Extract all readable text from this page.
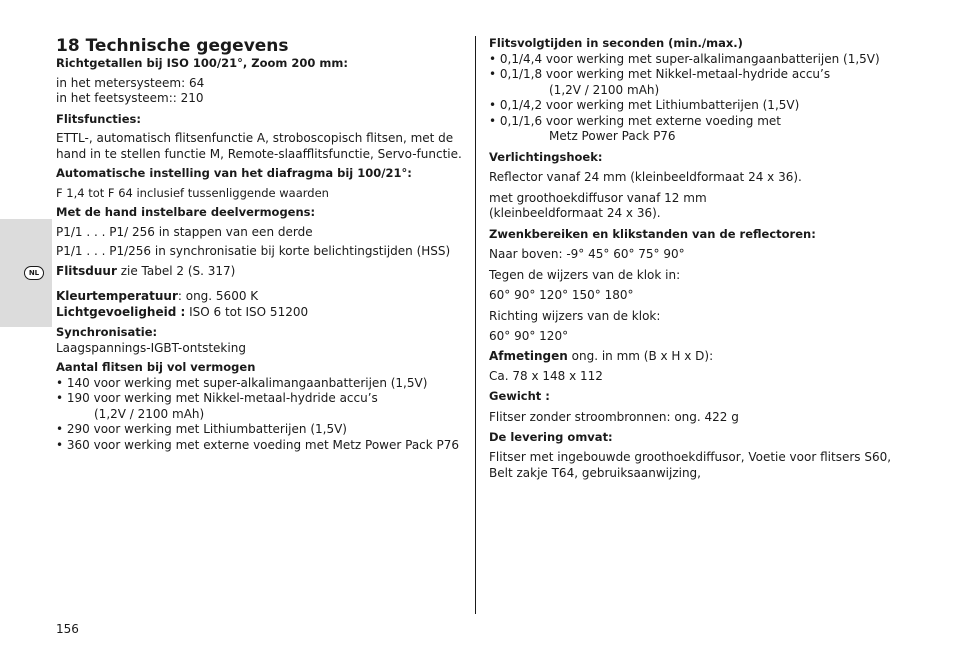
NL
18 Technische gegevens

Richtgetallen bij ISO 100/21°, Zoom 200 mm:

in het metersysteem: 64

in het feetsysteem:: 210

Flitsfuncties:

ETTL-, automatisch flitsenfunctie A, stroboscopisch flitsen, met de

hand in te stellen functie M, Remote-slaafflitsfunctie, Servo-functie.

Automatische instelling van het diafragma bij 100/21°:

F 1,4 tot F 64 inclusief tussenliggende waarden

Met de hand instelbare deelvermogens:

P1/1 . . . P1/ 256 in stappen van een derde

P1/1 . . . P1/256 in synchronisatie bij korte belichtingstijden (HSS)

Flitsduur zie Tabel 2 (S. 317)

Kleurtemperatuur: ong. 5600 K

Lichtgevoeligheid : ISO 6 tot ISO 51200

Synchronisatie:

Laagspannings-IGBT-ontsteking

Aantal flitsen bij vol vermogen

• 140 voor werking met super-alkalimangaanbatterijen (1,5V)

• 190 voor werking met Nikkel-metaal-hydride accu’s
(1,2V / 2100 mAh)

• 290 voor werking met Lithiumbatterijen (1,5V)

• 360 voor werking met externe voeding met Metz Power Pack P76

Flitsvolgtijden in seconden (min./max.)

• 0,1/4,4 voor werking met super-alkalimangaanbatterijen (1,5V)

• 0,1/1,8 voor werking met Nikkel-metaal-hydride accu’s
(1,2V / 2100 mAh)

• 0,1/4,2 voor werking met Lithiumbatterijen (1,5V)

• 0,1/1,6 voor werking met externe voeding met
Metz Power Pack P76

Verlichtingshoek:

Reflector vanaf 24 mm (kleinbeeldformaat 24 x 36).

met groothoekdiffusor vanaf 12 mm

(kleinbeeldformaat 24 x 36).

Zwenkbereiken en klikstanden van de reflectoren:

Naar boven: -9° 45° 60° 75° 90°

Tegen de wijzers van de klok in:

60° 90° 120° 150° 180°

Richting wijzers van de klok:

60° 90° 120°

Afmetingen ong. in mm (B x H x D):

Ca. 78 x 148 x 112

Gewicht :

Flitser zonder stroombronnen: ong. 422 g

De levering omvat:

Flitser met ingebouwde groothoekdiffusor, Voetie voor flitsers S60,

Belt zakje T64, gebruiksaanwijzing,

156
